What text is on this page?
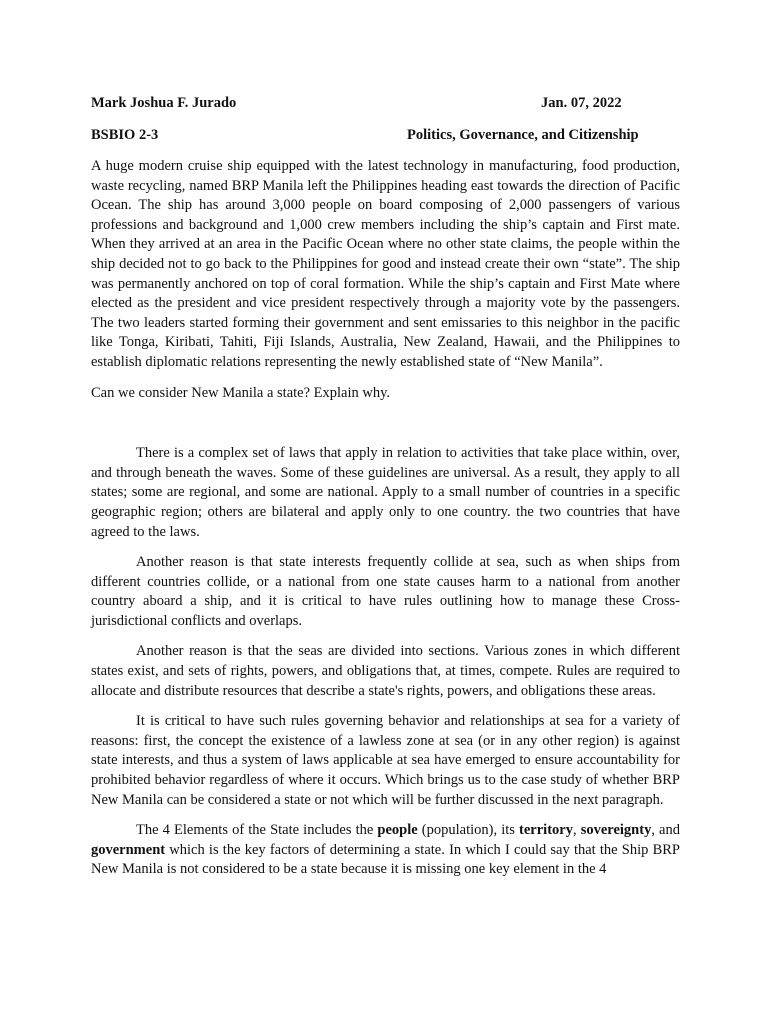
Mark Joshua F. Jurado	Jan. 07, 2022
BSBIO 2-3	Politics, Governance, and Citizenship

A huge modern cruise ship equipped with the latest technology in manufacturing, food production, waste recycling, named BRP Manila left the Philippines heading east towards the direction of Pacific Ocean. The ship has around 3,000 people on board composing of 2,000 passengers of various professions and background and 1,000 crew members including the ship’s captain and First mate. When they arrived at an area in the Pacific Ocean where no other state claims, the people within the ship decided not to go back to the Philippines for good and instead create their own “state”. The ship was permanently anchored on top of coral formation. While the ship’s captain and First Mate where elected as the president and vice president respectively through a majority vote by the passengers. The two leaders started forming their government and sent emissaries to this neighbor in the pacific like Tonga, Kiribati, Tahiti, Fiji Islands, Australia, New Zealand, Hawaii, and the Philippines to establish diplomatic relations representing the newly established state of “New Manila”.

Can we consider New Manila a state? Explain why.

There is a complex set of laws that apply in relation to activities that take place within, over, and through beneath the waves. Some of these guidelines are universal. As a result, they apply to all states; some are regional, and some are national. Apply to a small number of countries in a specific geographic region; others are bilateral and apply only to one country. the two countries that have agreed to the laws.

Another reason is that state interests frequently collide at sea, such as when ships from different countries collide, or a national from one state causes harm to a national from another country aboard a ship, and it is critical to have rules outlining how to manage these Cross-jurisdictional conflicts and overlaps.

Another reason is that the seas are divided into sections. Various zones in which different states exist, and sets of rights, powers, and obligations that, at times, compete. Rules are required to allocate and distribute resources that describe a state's rights, powers, and obligations these areas.

It is critical to have such rules governing behavior and relationships at sea for a variety of reasons: first, the concept the existence of a lawless zone at sea (or in any other region) is against state interests, and thus a system of laws applicable at sea have emerged to ensure accountability for prohibited behavior regardless of where it occurs. Which brings us to the case study of whether BRP New Manila can be considered a state or not which will be further discussed in the next paragraph.

The 4 Elements of the State includes the people (population), its territory, sovereignty, and government which is the key factors of determining a state. In which I could say that the Ship BRP New Manila is not considered to be a state because it is missing one key element in the 4
